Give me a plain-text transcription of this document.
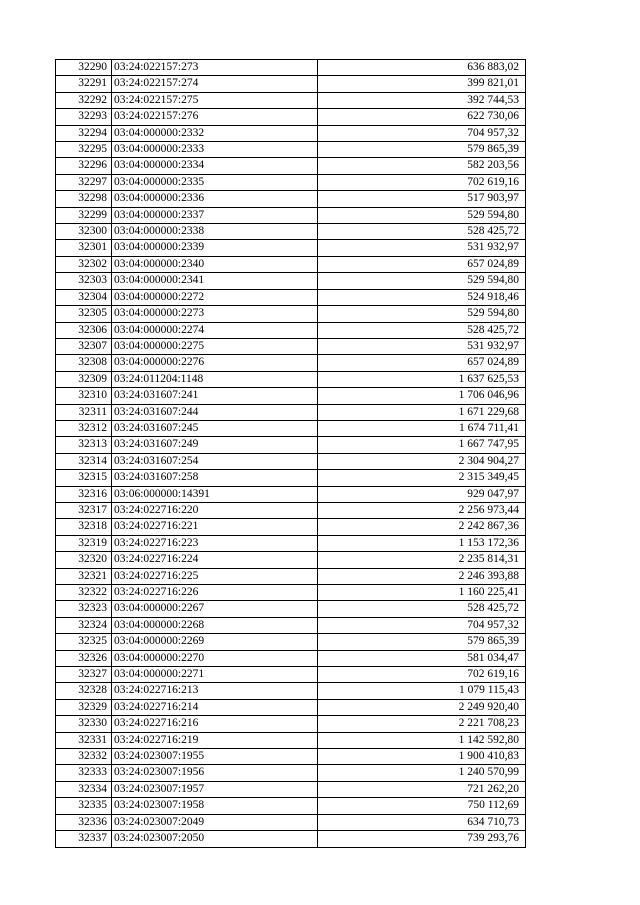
32290	03:24:022157:273	636 883,02
32291	03:24:022157:274	399 821,01
32292	03:24:022157:275	392 744,53
32293	03:24:022157:276	622 730,06
32294	03:04:000000:2332	704 957,32
32295	03:04:000000:2333	579 865,39
32296	03:04:000000:2334	582 203,56
32297	03:04:000000:2335	702 619,16
32298	03:04:000000:2336	517 903,97
32299	03:04:000000:2337	529 594,80
32300	03:04:000000:2338	528 425,72
32301	03:04:000000:2339	531 932,97
32302	03:04:000000:2340	657 024,89
32303	03:04:000000:2341	529 594,80
32304	03:04:000000:2272	524 918,46
32305	03:04:000000:2273	529 594,80
32306	03:04:000000:2274	528 425,72
32307	03:04:000000:2275	531 932,97
32308	03:04:000000:2276	657 024,89
32309	03:24:011204:1148	1 637 625,53
32310	03:24:031607:241	1 706 046,96
32311	03:24:031607:244	1 671 229,68
32312	03:24:031607:245	1 674 711,41
32313	03:24:031607:249	1 667 747,95
32314	03:24:031607:254	2 304 904,27
32315	03:24:031607:258	2 315 349,45
32316	03:06:000000:14391	929 047,97
32317	03:24:022716:220	2 256 973,44
32318	03:24:022716:221	2 242 867,36
32319	03:24:022716:223	1 153 172,36
32320	03:24:022716:224	2 235 814,31
32321	03:24:022716:225	2 246 393,88
32322	03:24:022716:226	1 160 225,41
32323	03:04:000000:2267	528 425,72
32324	03:04:000000:2268	704 957,32
32325	03:04:000000:2269	579 865,39
32326	03:04:000000:2270	581 034,47
32327	03:04:000000:2271	702 619,16
32328	03:24:022716:213	1 079 115,43
32329	03:24:022716:214	2 249 920,40
32330	03:24:022716:216	2 221 708,23
32331	03:24:022716:219	1 142 592,80
32332	03:24:023007:1955	1 900 410,83
32333	03:24:023007:1956	1 240 570,99
32334	03:24:023007:1957	721 262,20
32335	03:24:023007:1958	750 112,69
32336	03:24:023007:2049	634 710,73
32337	03:24:023007:2050	739 293,76
